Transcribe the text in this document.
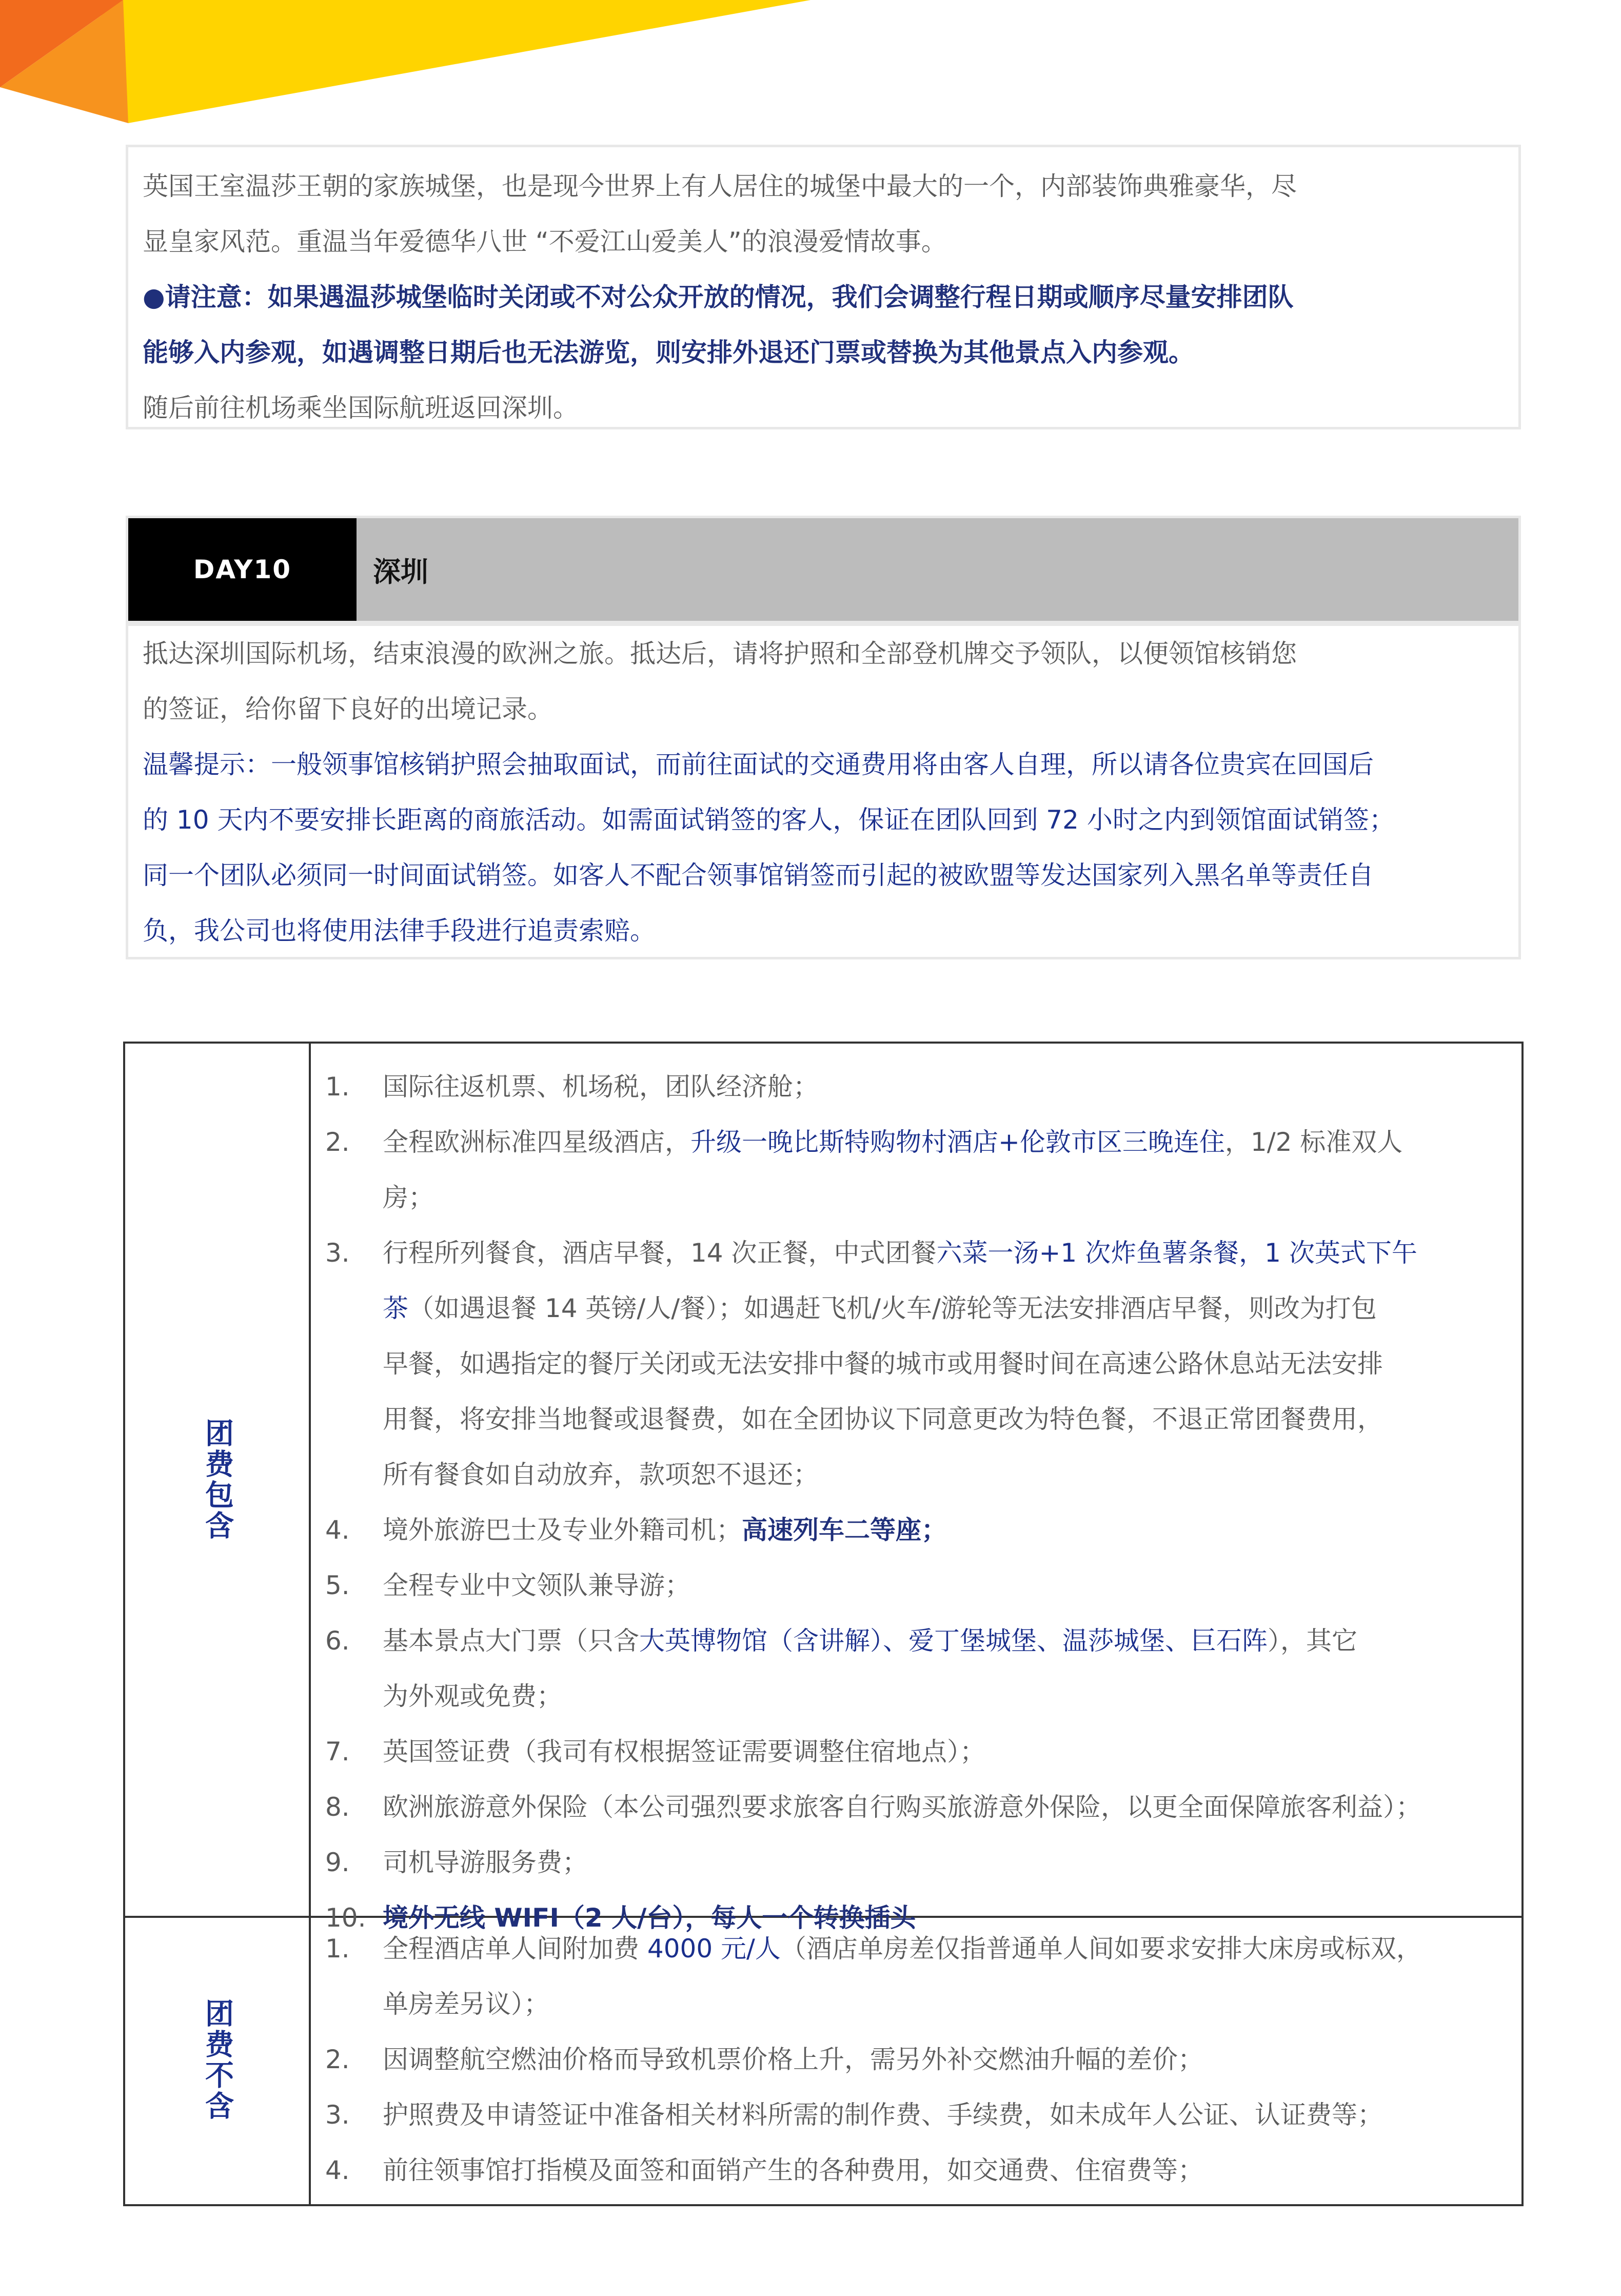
英国王室温莎王朝的家族城堡，也是现今世界上有人居住的城堡中最大的一个，内部装饰典雅豪华，尽

显皇家风范。重温当年爱德华八世 “不爱江山爱美人”的浪漫爱情故事。

●请注意：如果遇温莎城堡临时关闭或不对公众开放的情况，我们会调整行程日期或顺序尽量安排团队

能够入内参观，如遇调整日期后也无法游览，则安排外退还门票或替换为其他景点入内参观。

随后前往机场乘坐国际航班返回深圳。

DAY10	深圳

抵达深圳国际机场，结束浪漫的欧洲之旅。抵达后，请将护照和全部登机牌交予领队，以便领馆核销您

的签证，给你留下良好的出境记录。

温馨提示：一般领事馆核销护照会抽取面试，而前往面试的交通费用将由客人自理，所以请各位贵宾在回国后

的 10 天内不要安排长距离的商旅活动。如需面试销签的客人，保证在团队回到 72 小时之内到领馆面试销签；

同一个团队必须同一时间面试销签。如客人不配合领事馆销签而引起的被欧盟等发达国家列入黑名单等责任自

负，我公司也将使用法律手段进行追责索赔。

团费包含
1.	国际往返机票、机场税，团队经济舱；
2.	全程欧洲标准四星级酒店，升级一晚比斯特购物村酒店+伦敦市区三晚连住，1/2 标准双人
房；
3.	行程所列餐食，酒店早餐，14 次正餐，中式团餐六菜一汤+1 次炸鱼薯条餐，1 次英式下午
茶（如遇退餐 14 英镑/人/餐）；如遇赶飞机/火车/游轮等无法安排酒店早餐，则改为打包
早餐，如遇指定的餐厅关闭或无法安排中餐的城市或用餐时间在高速公路休息站无法安排
用餐，将安排当地餐或退餐费，如在全团协议下同意更改为特色餐，不退正常团餐费用，
所有餐食如自动放弃，款项恕不退还；
4.	境外旅游巴士及专业外籍司机；高速列车二等座；
5.	全程专业中文领队兼导游；
6.	基本景点大门票（只含大英博物馆（含讲解）、爱丁堡城堡、温莎城堡、巨石阵），其它
为外观或免费；
7.	英国签证费（我司有权根据签证需要调整住宿地点）；
8.	欧洲旅游意外保险（本公司强烈要求旅客自行购买旅游意外保险，以更全面保障旅客利益）；
9.	司机导游服务费；
10. 境外无线 WIFI（2 人/台），每人一个转换插头
团费不含
1.	全程酒店单人间附加费 4000 元/人（酒店单房差仅指普通单人间如要求安排大床房或标双，
单房差另议）；
2.	因调整航空燃油价格而导致机票价格上升，需另外补交燃油升幅的差价；
3.	护照费及申请签证中准备相关材料所需的制作费、手续费，如未成年人公证、认证费等；
4.	前往领事馆打指模及面签和面销产生的各种费用，如交通费、住宿费等；
